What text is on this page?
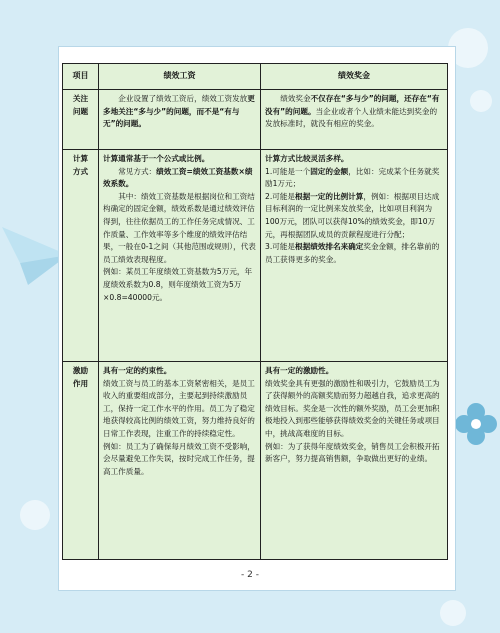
项目	绩效工资	绩效奖金
关注
问题	企业设置了绩效工资后，绩效工资发放更多地关注“多与少”的问题，而不是“有与无”的问题。	绩效奖金不仅存在“多与少”的问题，还存在“有没有”的问题。当企业或者个人业绩未能达到奖金的发放标准时，就没有相应的奖金。

计算
方式	计算通常基于一个公式或比例。
常见方式：绩效工资=绩效工资基数×绩效系数。
其中：绩效工资基数是根据岗位和工资结构确定的固定金额，绩效系数是通过绩效评估得到，往往依据员工的工作任务完成情况、工作质量、工作效率等多个维度的绩效评估结果，一般在0-1之间（其他范围或规则），代表员工绩效表现程度。
例如：某员工年度绩效工资基数为5万元，年度绩效系数为0.8，则年度绩效工资为5万×0.8=40000元。	计算方式比较灵活多样。
1.可能是一个固定的金额，比如：完成某个任务就奖励1万元；
2.可能是根据一定的比例计算，例如：根据项目达成目标利润的一定比例来发放奖金，比如项目利润为100万元，团队可以获得10%的绩效奖金，即10万元，再根据团队成员的贡献程度进行分配；
3.可能是根据绩效排名来确定奖金金额，排名靠前的员工获得更多的奖金。

激励
作用	具有一定的约束性。
绩效工资与员工的基本工资紧密相关，是员工收入的重要组成部分，主要起到持续激励员工，保持一定工作水平的作用。员工为了稳定地获得较高比例的绩效工资，努力维持良好的日常工作表现，注重工作的持续稳定性。
例如：员工为了确保每月绩效工资不受影响，会尽量避免工作失误，按时完成工作任务，提高工作质量。	具有一定的激励性。
绩效奖金具有更强的激励性和吸引力，它鼓励员工为了获得额外的高额奖励而努力超越自我，追求更高的绩效目标。奖金是一次性的额外奖励，员工会更加积极地投入到那些能够获得绩效奖金的关键任务或项目中，挑战高难度的目标。
例如：为了获得年度绩效奖金，销售员工会积极开拓新客户，努力提高销售额，争取做出更好的业绩。
- 2 -
